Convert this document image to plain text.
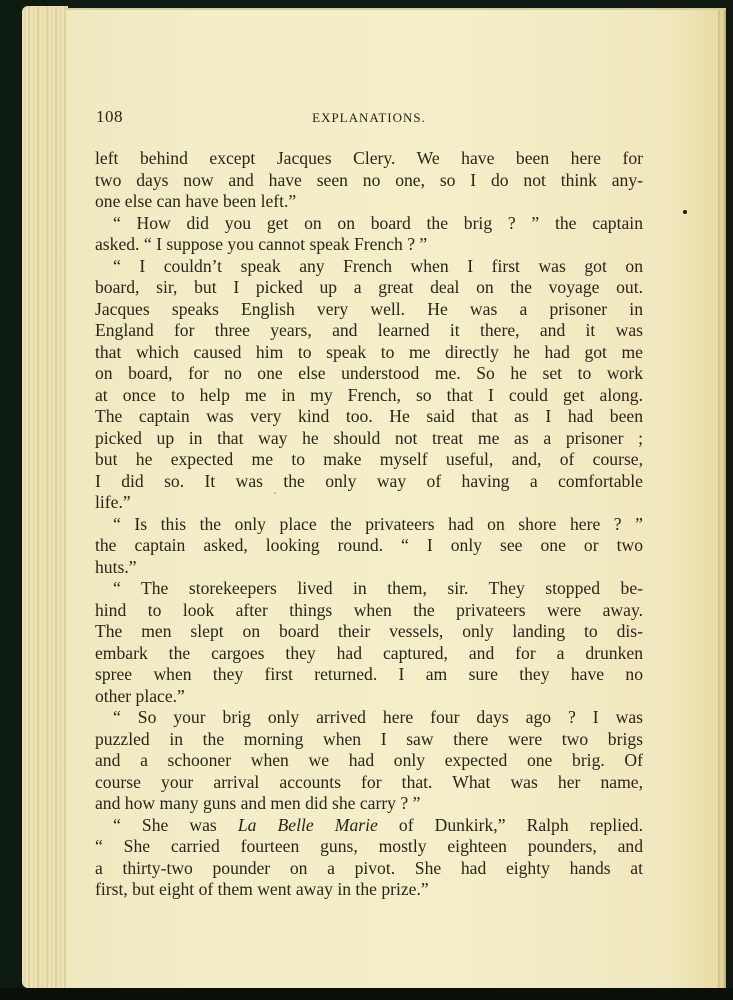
108	EXPLANATIONS.
left behind except Jacques Clery. We have been here for
two days now and have seen no one, so I do not think any-
one else can have been left.”
“ How did you get on on board the brig ? ” the captain
asked. “ I suppose you cannot speak French ? ”
“ I couldn’t speak any French when I first was got on
board, sir, but I picked up a great deal on the voyage out.
Jacques speaks English very well. He was a prisoner in
England for three years, and learned it there, and it was
that which caused him to speak to me directly he had got me
on board, for no one else understood me. So he set to work
at once to help me in my French, so that I could get along.
The captain was very kind too. He said that as I had been
picked up in that way he should not treat me as a prisoner ;
but he expected me to make myself useful, and, of course,
I did so. It was the only way of having a comfortable
life.”
“ Is this the only place the privateers had on shore here ? ”
the captain asked, looking round. “ I only see one or two
huts.”
“ The storekeepers lived in them, sir. They stopped be-
hind to look after things when the privateers were away.
The men slept on board their vessels, only landing to dis-
embark the cargoes they had captured, and for a drunken
spree when they first returned. I am sure they have no
other place.”
“ So your brig only arrived here four days ago ? I was
puzzled in the morning when I saw there were two brigs
and a schooner when we had only expected one brig. Of
course your arrival accounts for that. What was her name,
and how many guns and men did she carry ? ”
“ She was La Belle Marie of Dunkirk,” Ralph replied.
“ She carried fourteen guns, mostly eighteen pounders, and
a thirty-two pounder on a pivot. She had eighty hands at
first, but eight of them went away in the prize.”
